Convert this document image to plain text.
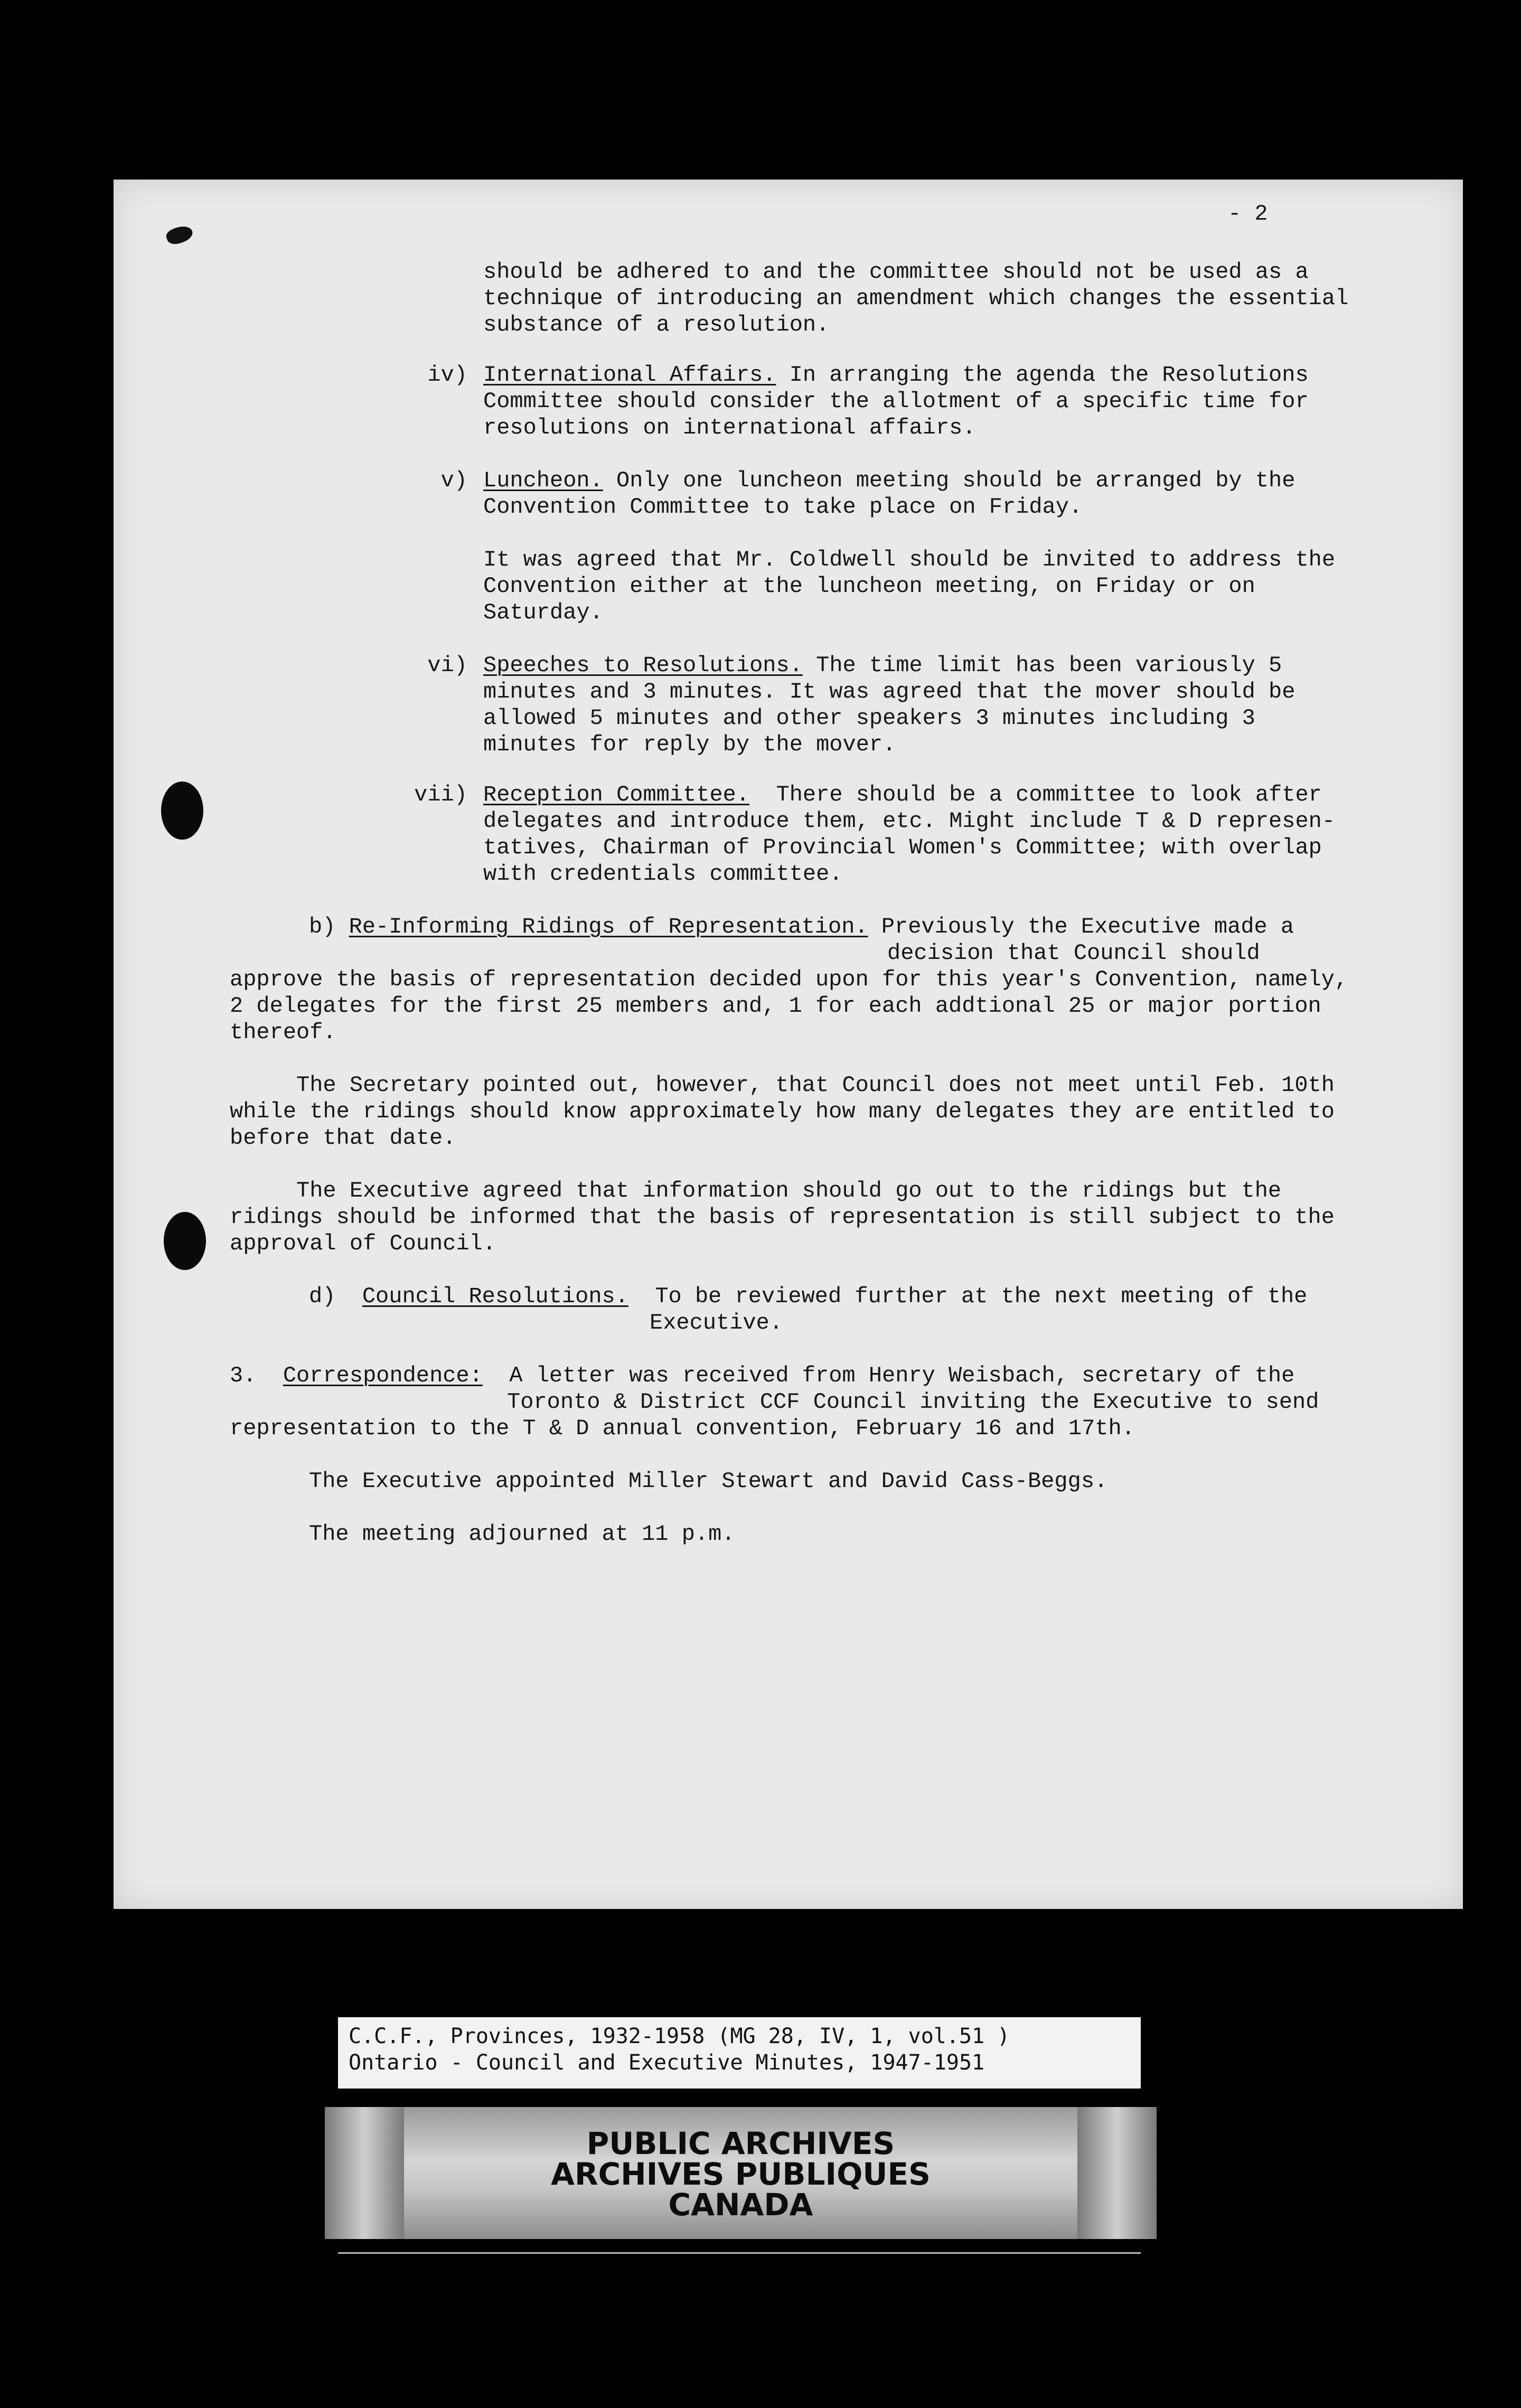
- 2
should be adhered to and the committee should not be used as a
technique of introducing an amendment which changes the essential
substance of a resolution.
iv) International Affairs. In arranging the agenda the Resolutions
Committee should consider the allotment of a specific time for
resolutions on international affairs.
v) Luncheon. Only one luncheon meeting should be arranged by the
Convention Committee to take place on Friday.
It was agreed that Mr. Coldwell should be invited to address the
Convention either at the luncheon meeting, on Friday or on
Saturday.
vi) Speeches to Resolutions. The time limit has been variously 5
minutes and 3 minutes. It was agreed that the mover should be
allowed 5 minutes and other speakers 3 minutes including 3
minutes for reply by the mover.
vii) Reception Committee.  There should be a committee to look after
delegates and introduce them, etc. Might include T & D represen-
tatives, Chairman of Provincial Women's Committee; with overlap
with credentials committee.
b) Re-Informing Ridings of Representation. Previously the Executive made a
decision that Council should
approve the basis of representation decided upon for this year's Convention, namely,
2 delegates for the first 25 members and, 1 for each addtional 25 or major portion
thereof.
The Secretary pointed out, however, that Council does not meet until Feb. 10th
while the ridings should know approximately how many delegates they are entitled to
before that date.
The Executive agreed that information should go out to the ridings but the
ridings should be informed that the basis of representation is still subject to the
approval of Council.
d) Council Resolutions.  To be reviewed further at the next meeting of the
Executive.
3. Correspondence:  A letter was received from Henry Weisbach, secretary of the
Toronto & District CCF Council inviting the Executive to send
representation to the T & D annual convention, February 16 and 17th.
The Executive appointed Miller Stewart and David Cass-Beggs.
The meeting adjourned at 11 p.m.
C.C.F., Provinces, 1932-1958 (MG 28, IV, 1, vol.51 )
Ontario - Council and Executive Minutes, 1947-1951
PUBLIC ARCHIVES
ARCHIVES PUBLIQUES
CANADA
